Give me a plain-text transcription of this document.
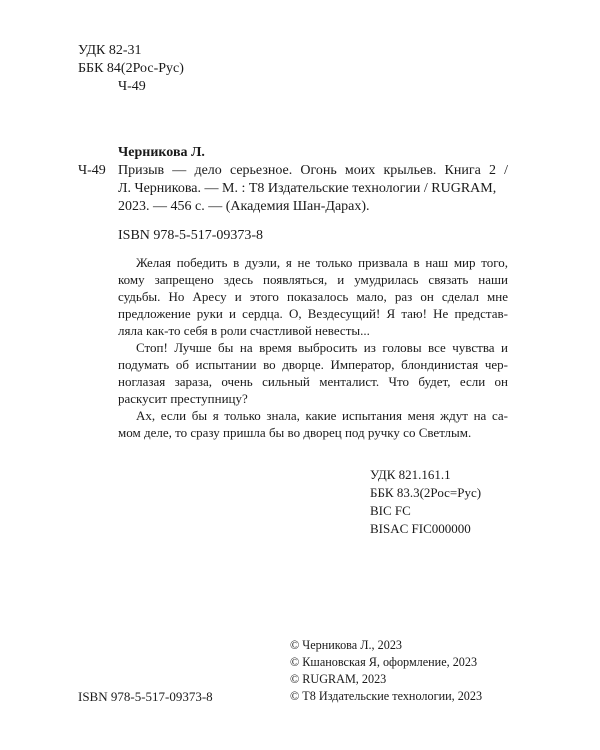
УДК 82-31
ББК 84(2Рос-Рус)
Ч-49
Черникова Л.
Ч-49 Призыв — дело серьезное. Огонь моих крыльев. Книга 2 /
Л. Черникова. — М. : Т8 Издательские технологии / RUGRAM,
2023. — 456 с. — (Академия Шан-Дарах).
ISBN 978-5-517-09373-8
Желая победить в дуэли, я не только призвала в наш мир того,
кому запрещено здесь появляться, и умудрилась связать наши
судьбы. Но Аресу и этого показалось мало, раз он сделал мне
предложение руки и сердца. О, Вездесущий! Я таю! Не представ-
ляла как-то себя в роли счастливой невесты...
Стоп! Лучше бы на время выбросить из головы все чувства и
подумать об испытании во дворце. Император, блондинистая чер-
ноглазая зараза, очень сильный менталист. Что будет, если он
раскусит преступницу?
Ах, если бы я только знала, какие испытания меня ждут на са-
мом деле, то сразу пришла бы во дворец под ручку со Светлым.
УДК 821.161.1
ББК 83.3(2Рос=Рус)
BIC FC
BISAC FIC000000
© Черникова Л., 2023
© Кшановская Я, оформление, 2023
© RUGRAM, 2023
© Т8 Издательские технологии, 2023
ISBN 978-5-517-09373-8
